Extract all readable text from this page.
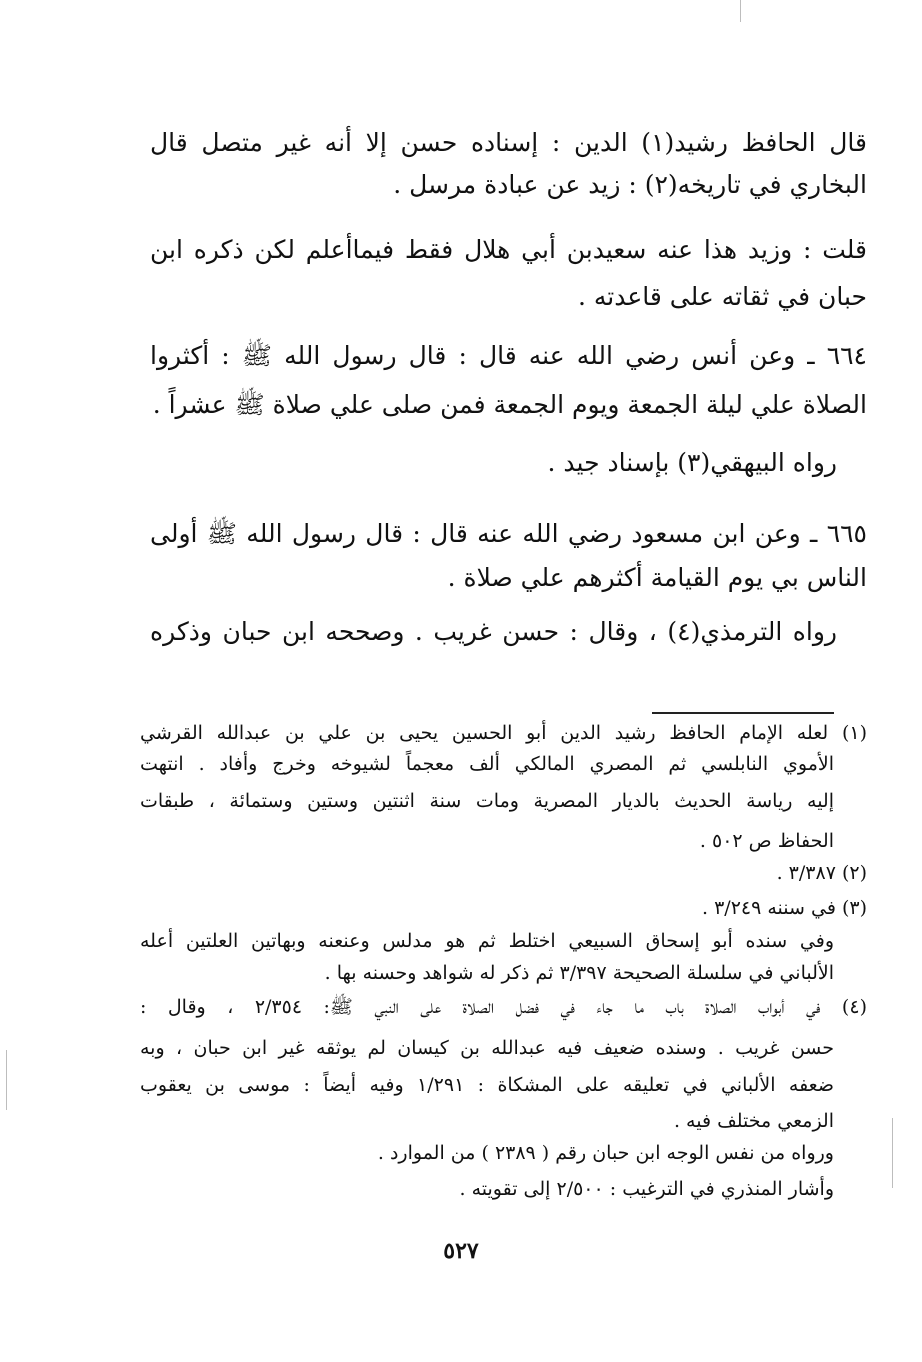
قال الحافظ رشيد(١) الدين : إسناده حسن إلا أنه غير متصل قال
البخاري في تاريخه(٢) : زيد عن عبادة مرسل .
قلت : وزيد هذا عنه سعيدبن أبي هلال فقط فيماأعلم لكن ذكره ابن
حبان في ثقاته على قاعدته .
٦٦٤ ـ وعن أنس رضي الله عنه قال : قال رسول الله ﷺ : أكثروا
الصلاة علي ليلة الجمعة ويوم الجمعة فمن صلى علي صلاة ﷺ عشراً .
رواه البيهقي(٣) بإسناد جيد .
٦٦٥ ـ وعن ابن مسعود رضي الله عنه قال : قال رسول الله ﷺ أولى
الناس بي يوم القيامة أكثرهم علي صلاة .
رواه الترمذي(٤) ، وقال : حسن غريب . وصححه ابن حبان وذكره
(١) لعله الإمام الحافظ رشيد الدين أبو الحسين يحيى بن علي بن عبدالله القرشي
الأموي النابلسي ثم المصري المالكي ألف معجماً لشيوخه وخرج وأفاد . انتهت
إليه رياسة الحديث بالديار المصرية ومات سنة اثنتين وستين وستمائة ، طبقات
الحفاظ ص ٥٠٢ .
(٢) ٣/٣٨٧ .
(٣) في سننه ٣/٢٤٩ .
وفي سنده أبو إسحاق السبيعي اختلط ثم هو مدلس وعنعنه وبهاتين العلتين أعله
الألباني في سلسلة الصحيحة ٣/٣٩٧ ثم ذكر له شواهد وحسنه بها .
(٤) في أبواب الصلاة باب ما جاء في فضل الصلاة على النبي ﷺ: ٢/٣٥٤ ، وقال :
حسن غريب . وسنده ضعيف فيه عبدالله بن كيسان لم يوثقه غير ابن حبان ، وبه
ضعفه الألباني في تعليقه على المشكاة : ١/٢٩١ وفيه أيضاً : موسى بن يعقوب
الزمعي مختلف فيه .
ورواه من نفس الوجه ابن حبان رقم ( ٢٣٨٩ ) من الموارد .
وأشار المنذري في الترغيب : ٢/٥٠٠ إلى تقويته .
٥٢٧
